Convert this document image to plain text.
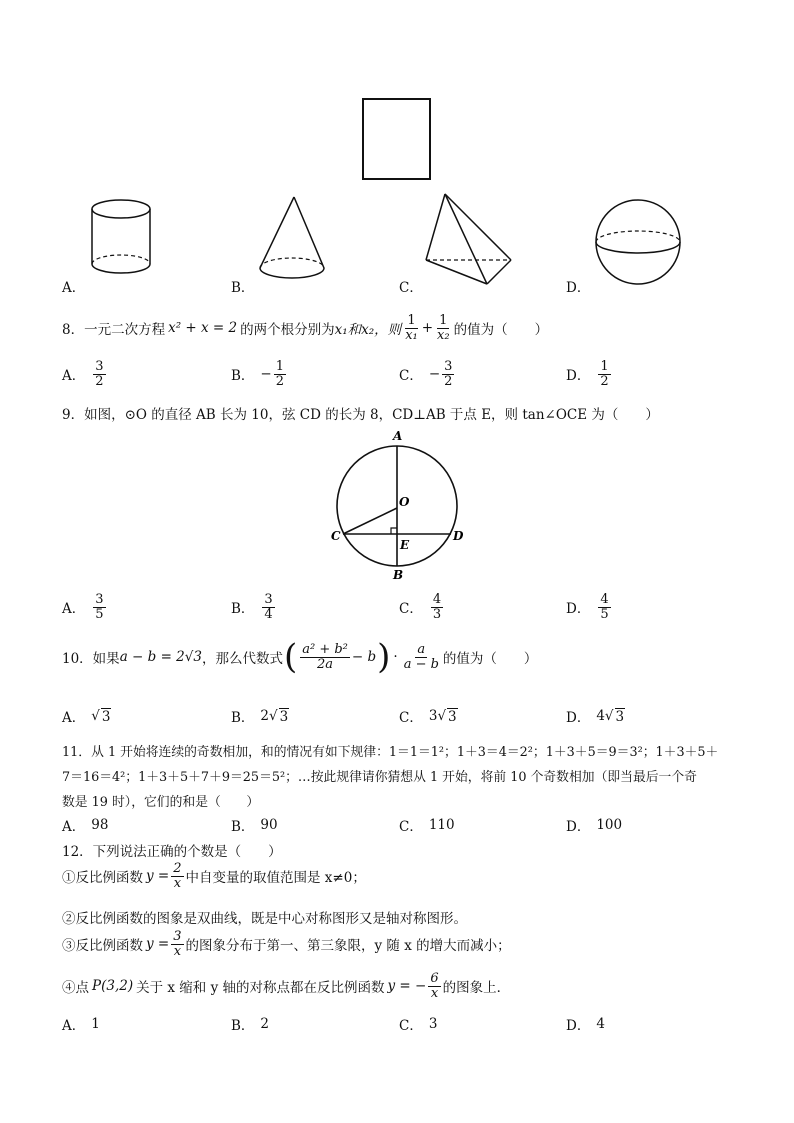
A．	B．	C．	D．
8．一元二次方程 x² + x = 2 的两个根分别为 x₁和x₂，则 $\frac{1}{\text{x₁}} + \frac{1}{\text{x₂}}$ 的值为（　　）
A． $\frac{3}{2}$	B． − $\frac{1}{2}$	C． − $\frac{3}{2}$	D． $\frac{1}{2}$
9．如图，⊙O 的直径 AB 长为 10，弦 CD 的长为 8，CD⊥AB 于点 E，则 tan∠OCE 为（　　）
A
B
C	D
O
E
A． $\frac{3}{5}$	B． $\frac{3}{4}$	C． $\frac{4}{3}$	D． $\frac{4}{5}$
10．如果 a − b = 2√3 ，那么代数式 ( $\frac{\text{a² + b²}}{2a} - b$ ) · $\frac{a}{a - b}$ 的值为（　　）
A． √ 3	B． 2 √ 3	C． 3 √ 3	D． 4 √ 3
11．从 1 开始将连续的奇数相加，和的情况有如下规律：1＝1＝1²；1＋3＝4＝2²；1＋3＋5＝9＝3²；1＋3＋5＋
7＝16＝4²；1＋3＋5＋7＋9＝25＝5²；…按此规律请你猜想从 1 开始，将前 10 个奇数相加（即当最后一个奇
数是 19 时），它们的和是（　　）
A． 98	B． 90	C． 110	D． 100
12．下列说法正确的个数是（　　）
①反比例函数 $y = \frac{2}{x}$ 中自变量的取值范围是 x≠0；
②反比例函数的图象是双曲线，既是中心对称图形又是轴对称图形。
③反比例函数 $y = \frac{3}{x}$ 的图象分布于第一、第三象限，y 随 x 的增大而减小；
④点 P(3,2) 关于 x 缩和 y 轴的对称点都在反比例函数 y = − $\frac{6}{x}$ 的图象上．
A． 1	B． 2	C． 3	D． 4
